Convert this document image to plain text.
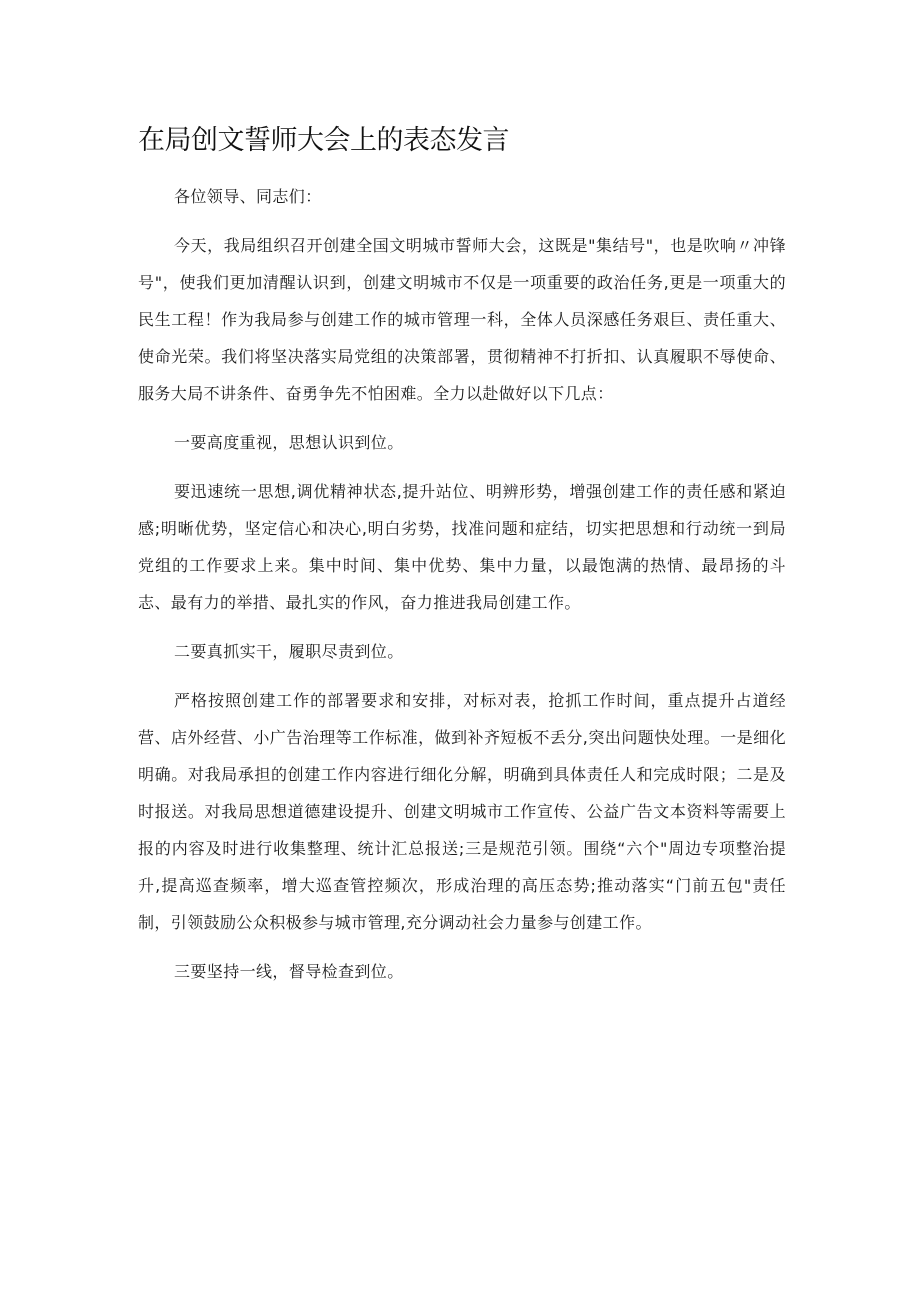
在局创文誓师大会上的表态发言

各位领导、同志们：

今天，我局组织召开创建全国文明城市誓师大会，这既是"集结号"，也是吹响〃冲锋号"，使我们更加清醒认识到，创建文明城市不仅是一项重要的政治任务,更是一项重大的民生工程！作为我局参与创建工作的城市管理一科，全体人员深感任务艰巨、责任重大、使命光荣。我们将坚决落实局党组的决策部署，贯彻精神不打折扣、认真履职不辱使命、服务大局不讲条件、奋勇争先不怕困难。全力以赴做好以下几点：

一要高度重视，思想认识到位。

要迅速统一思想,调优精神状态,提升站位、明辨形势，增强创建工作的责任感和紧迫感;明晰优势，坚定信心和决心,明白劣势，找准问题和症结，切实把思想和行动统一到局党组的工作要求上来。集中时间、集中优势、集中力量，以最饱满的热情、最昂扬的斗志、最有力的举措、最扎实的作风，奋力推进我局创建工作。

二要真抓实干，履职尽责到位。

严格按照创建工作的部署要求和安排，对标对表，抢抓工作时间，重点提升占道经营、店外经营、小广告治理等工作标准，做到补齐短板不丢分,突出问题快处理。一是细化明确。对我局承担的创建工作内容进行细化分解，明确到具体责任人和完成时限；二是及时报送。对我局思想道德建设提升、创建文明城市工作宣传、公益广告文本资料等需要上报的内容及时进行收集整理、统计汇总报送;三是规范引领。围绕“六个"周边专项整治提升,提高巡查频率，增大巡查管控频次，形成治理的高压态势;推动落实“门前五包"责任制，引领鼓励公众积极参与城市管理,充分调动社会力量参与创建工作。

三要坚持一线，督导检查到位。
